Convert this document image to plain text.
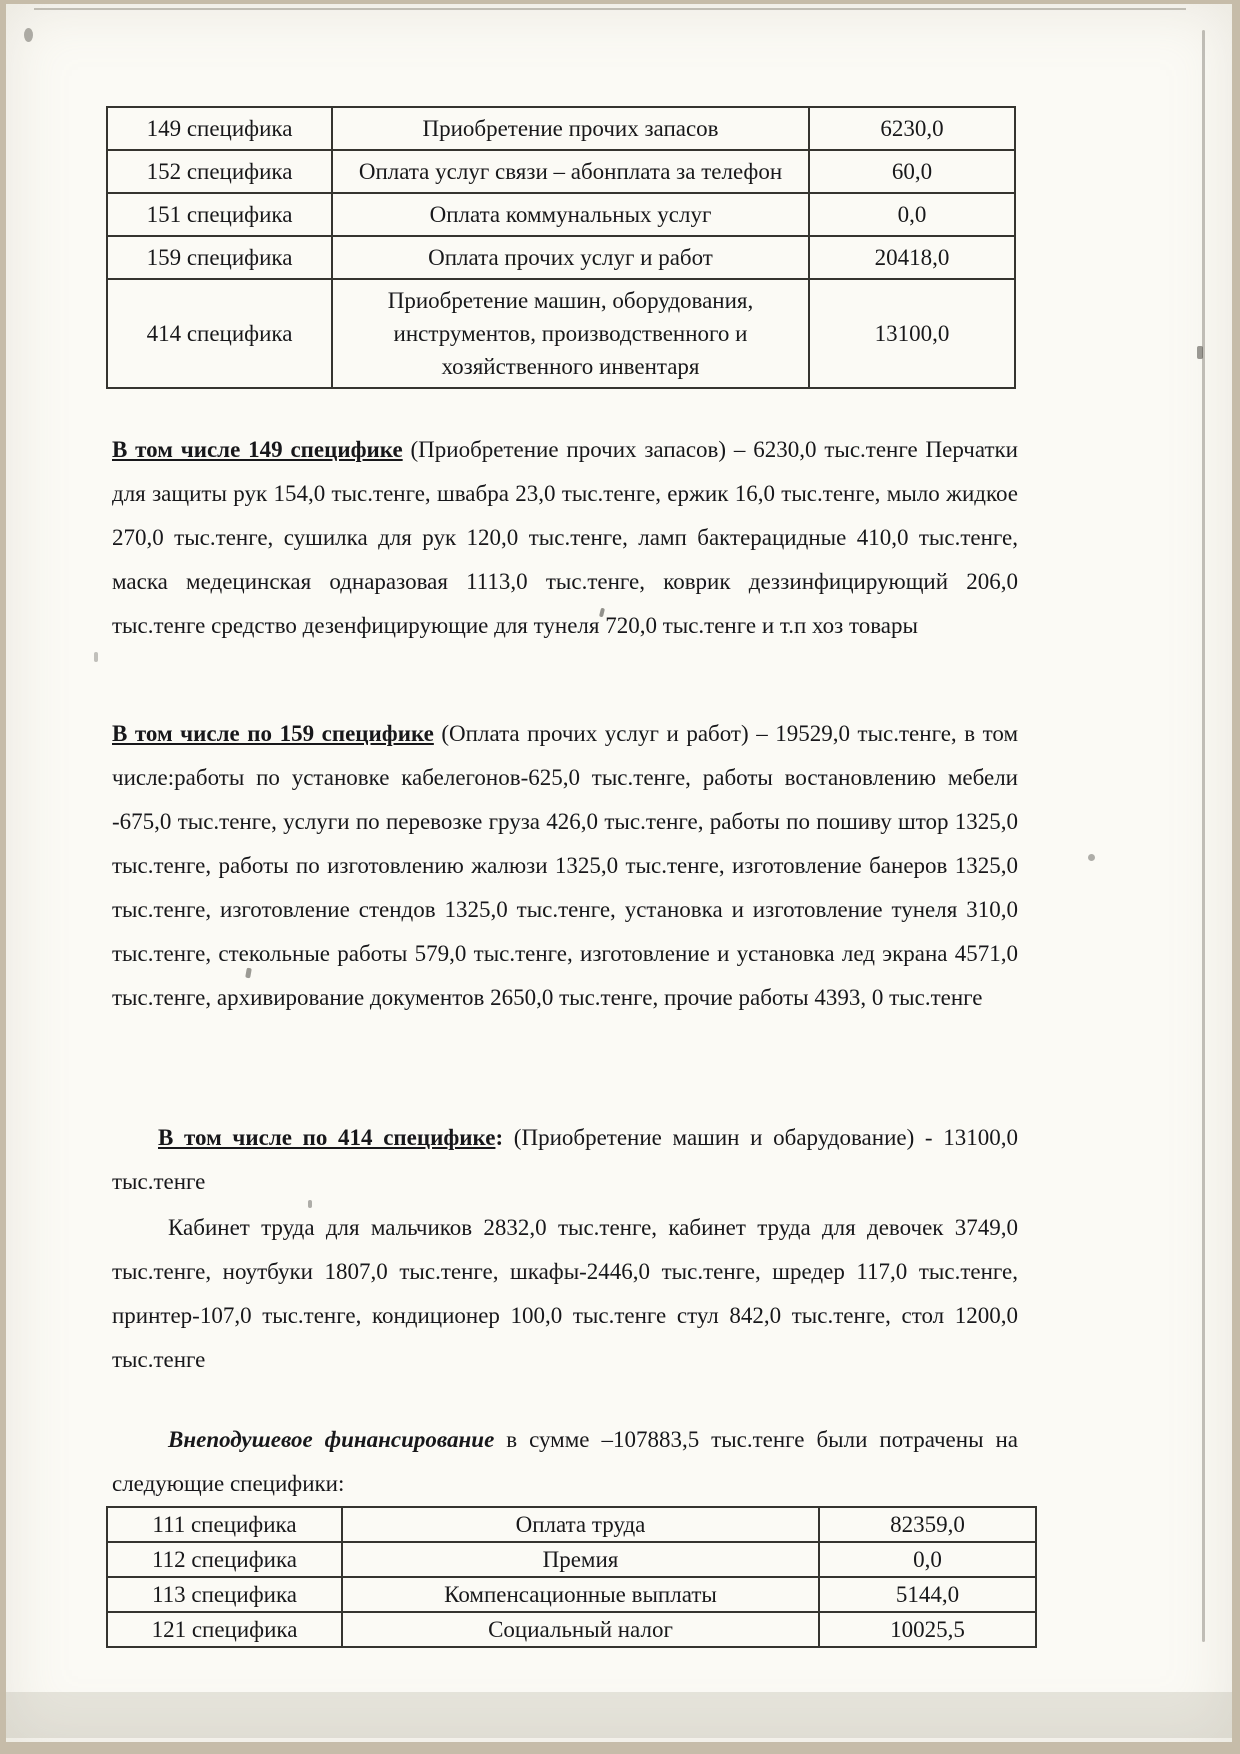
149 специфика	Приобретение прочих запасов	6230,0
152 специфика	Оплата услуг связи – абонплата за телефон	60,0
151 специфика	Оплата коммунальных услуг	0,0
159 специфика	Оплата прочих услуг и работ	20418,0
414 специфика	Приобретение машин, оборудования, инструментов, производственного и хозяйственного инвентаря	13100,0

В том числе 149 специфике (Приобретение прочих запасов) – 6230,0 тыс.тенге Перчатки для защиты рук 154,0 тыс.тенге, швабра 23,0 тыс.тенге, ержик 16,0 тыс.тенге, мыло жидкое 270,0 тыс.тенге, сушилка для рук 120,0 тыс.тенге, ламп бактерацидные 410,0 тыс.тенге, маска медецинская однаразовая 1113,0 тыс.тенге, коврик деззинфицирующий 206,0 тыс.тенге средство дезенфицирующие для тунеля 720,0 тыс.тенге и т.п хоз товары

В том числе по 159 специфике (Оплата прочих услуг и работ) – 19529,0 тыс.тенге, в том числе:работы по установке кабелегонов-625,0 тыс.тенге, работы востановлению мебели -675,0 тыс.тенге, услуги по перевозке груза 426,0 тыс.тенге, работы по пошиву штор 1325,0 тыс.тенге, работы по изготовлению жалюзи 1325,0 тыс.тенге, изготовление банеров 1325,0 тыс.тенге, изготовление стендов 1325,0 тыс.тенге, установка и изготовление тунеля 310,0 тыс.тенге, стекольные работы 579,0 тыс.тенге, изготовление и установка лед экрана 4571,0 тыс.тенге, архивирование документов 2650,0 тыс.тенге, прочие работы 4393, 0 тыс.тенге

В том числе по 414 специфике: (Приобретение машин и обарудование) - 13100,0 тыс.тенге

Кабинет труда для мальчиков 2832,0 тыс.тенге, кабинет труда для девочек 3749,0 тыс.тенге, ноутбуки 1807,0 тыс.тенге, шкафы-2446,0 тыс.тенге, шредер 117,0 тыс.тенге, принтер-107,0 тыс.тенге, кондиционер 100,0 тыс.тенге стул 842,0 тыс.тенге, стол 1200,0 тыс.тенге

Внеподушевое финансирование в сумме –107883,5 тыс.тенге были потрачены на следующие специфики:

111 специфика	Оплата труда	82359,0
112 специфика	Премия	0,0
113 специфика	Компенсационные выплаты	5144,0
121 специфика	Социальный налог	10025,5
